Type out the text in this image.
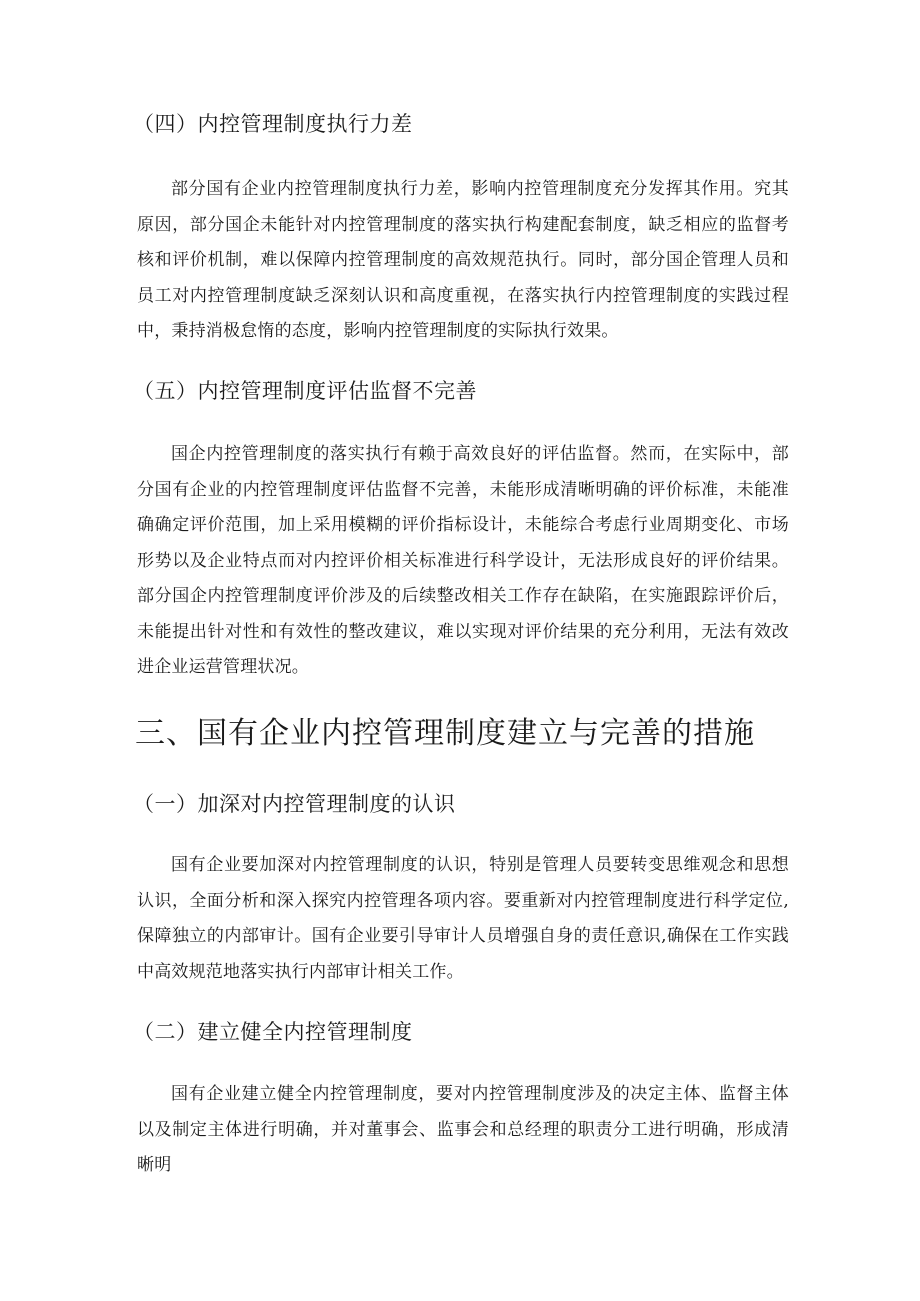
（四）内控管理制度执行力差

部分国有企业内控管理制度执行力差，影响内控管理制度充分发挥其作用。究其原因，部分国企未能针对内控管理制度的落实执行构建配套制度，缺乏相应的监督考核和评价机制，难以保障内控管理制度的高效规范执行。同时，部分国企管理人员和员工对内控管理制度缺乏深刻认识和高度重视，在落实执行内控管理制度的实践过程中，秉持消极怠惰的态度，影响内控管理制度的实际执行效果。

（五）内控管理制度评估监督不完善

国企内控管理制度的落实执行有赖于高效良好的评估监督。然而，在实际中，部分国有企业的内控管理制度评估监督不完善，未能形成清晰明确的评价标准，未能准确确定评价范围，加上采用模糊的评价指标设计，未能综合考虑行业周期变化、市场形势以及企业特点而对内控评价相关标准进行科学设计，无法形成良好的评价结果。部分国企内控管理制度评价涉及的后续整改相关工作存在缺陷，在实施跟踪评价后，未能提出针对性和有效性的整改建议，难以实现对评价结果的充分利用，无法有效改进企业运营管理状况。

三、国有企业内控管理制度建立与完善的措施
（一）加深对内控管理制度的认识

国有企业要加深对内控管理制度的认识，特别是管理人员要转变思维观念和思想认识，全面分析和深入探究内控管理各项内容。要重新对内控管理制度进行科学定位,保障独立的内部审计。国有企业要引导审计人员增强自身的责任意识,确保在工作实践中高效规范地落实执行内部审计相关工作。

（二）建立健全内控管理制度

国有企业建立健全内控管理制度，要对内控管理制度涉及的决定主体、监督主体以及制定主体进行明确，并对董事会、监事会和总经理的职责分工进行明确，形成清晰明
